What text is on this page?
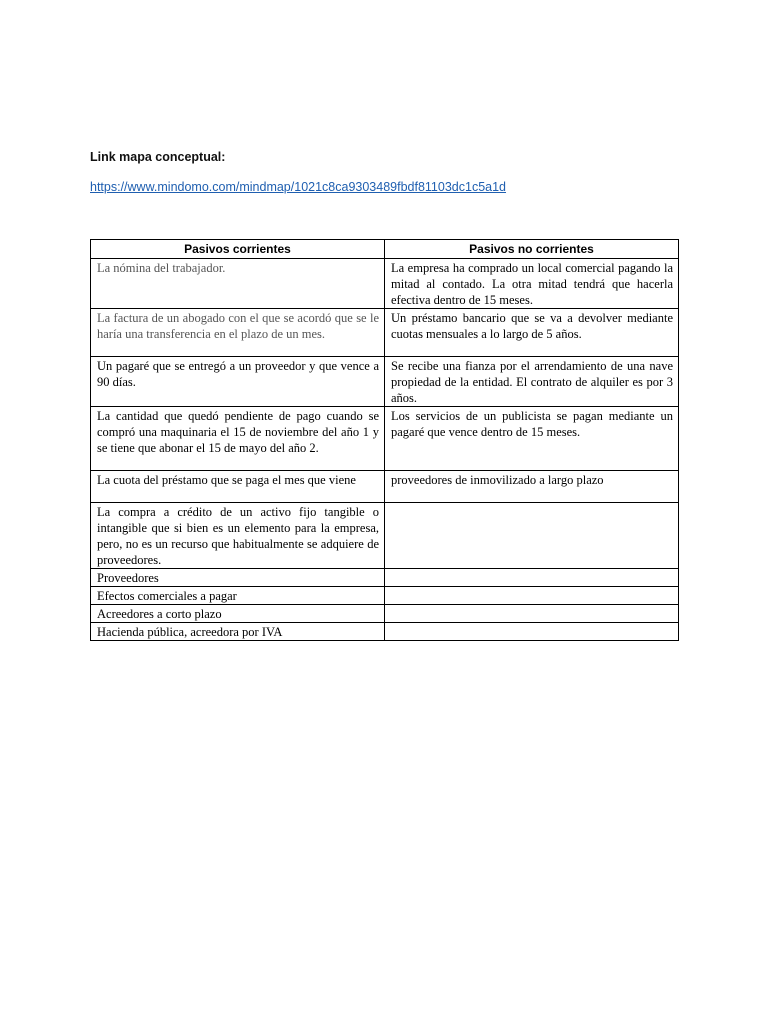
Link mapa conceptual:

https://www.mindomo.com/mindmap/1021c8ca9303489fbdf81103dc1c5a1d
Pasivos corrientes	Pasivos no corrientes
La nómina del trabajador.	La empresa ha comprado un local comercial pagando la mitad al contado. La otra mitad tendrá que hacerla efectiva dentro de 15 meses.
La factura de un abogado con el que se acordó que se le haría una transferencia en el plazo de un mes.	Un préstamo bancario que se va a devolver mediante cuotas mensuales a lo largo de 5 años.
Un pagaré que se entregó a un proveedor y que vence a 90 días.	Se recibe una fianza por el arrendamiento de una nave propiedad de la entidad. El contrato de alquiler es por 3 años.
La cantidad que quedó pendiente de pago cuando se compró una maquinaria el 15 de noviembre del año 1 y se tiene que abonar el 15 de mayo del año 2.	Los servicios de un publicista se pagan mediante un pagaré que vence dentro de 15 meses.
La cuota del préstamo que se paga el mes que viene	proveedores de inmovilizado a largo plazo
La compra a crédito de un activo fijo tangible o intangible que si bien es un elemento para la empresa, pero, no es un recurso que habitualmente se adquiere de proveedores.	
Proveedores	
Efectos comerciales a pagar	
Acreedores a corto plazo	
Hacienda pública, acreedora por IVA	
